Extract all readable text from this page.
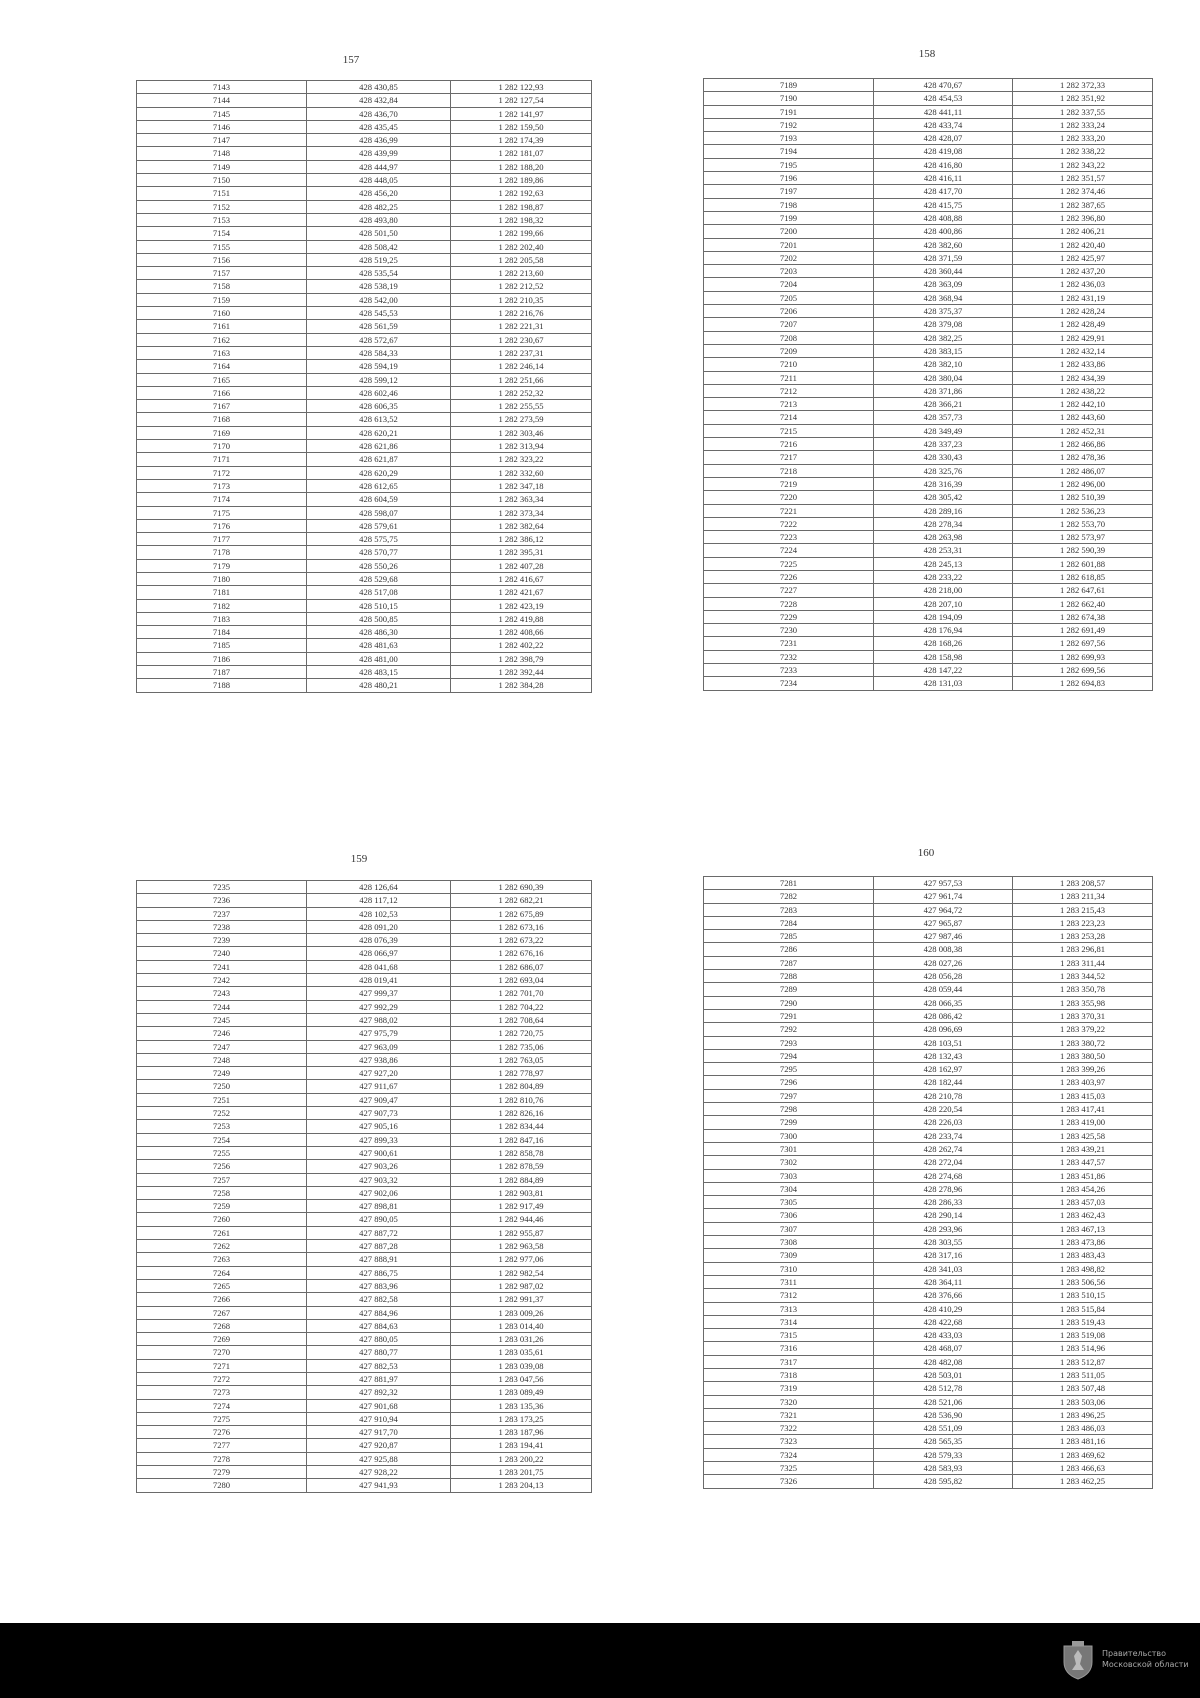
157
7143	428 430,85	1 282 122,93
7144	428 432,84	1 282 127,54
7145	428 436,70	1 282 141,97
7146	428 435,45	1 282 159,50
7147	428 436,99	1 282 174,39
7148	428 439,99	1 282 181,07
7149	428 444,97	1 282 188,20
7150	428 448,05	1 282 189,86
7151	428 456,20	1 282 192,63
7152	428 482,25	1 282 198,87
7153	428 493,80	1 282 198,32
7154	428 501,50	1 282 199,66
7155	428 508,42	1 282 202,40
7156	428 519,25	1 282 205,58
7157	428 535,54	1 282 213,60
7158	428 538,19	1 282 212,52
7159	428 542,00	1 282 210,35
7160	428 545,53	1 282 216,76
7161	428 561,59	1 282 221,31
7162	428 572,67	1 282 230,67
7163	428 584,33	1 282 237,31
7164	428 594,19	1 282 246,14
7165	428 599,12	1 282 251,66
7166	428 602,46	1 282 252,32
7167	428 606,35	1 282 255,55
7168	428 613,52	1 282 273,59
7169	428 620,21	1 282 303,46
7170	428 621,86	1 282 313,94
7171	428 621,87	1 282 323,22
7172	428 620,29	1 282 332,60
7173	428 612,65	1 282 347,18
7174	428 604,59	1 282 363,34
7175	428 598,07	1 282 373,34
7176	428 579,61	1 282 382,64
7177	428 575,75	1 282 386,12
7178	428 570,77	1 282 395,31
7179	428 550,26	1 282 407,28
7180	428 529,68	1 282 416,67
7181	428 517,08	1 282 421,67
7182	428 510,15	1 282 423,19
7183	428 500,85	1 282 419,88
7184	428 486,30	1 282 408,66
7185	428 481,63	1 282 402,22
7186	428 481,00	1 282 398,79
7187	428 483,15	1 282 392,44
7188	428 480,21	1 282 384,28
158
7189	428 470,67	1 282 372,33
7190	428 454,53	1 282 351,92
7191	428 441,11	1 282 337,55
7192	428 433,74	1 282 333,24
7193	428 428,07	1 282 333,20
7194	428 419,08	1 282 338,22
7195	428 416,80	1 282 343,22
7196	428 416,11	1 282 351,57
7197	428 417,70	1 282 374,46
7198	428 415,75	1 282 387,65
7199	428 408,88	1 282 396,80
7200	428 400,86	1 282 406,21
7201	428 382,60	1 282 420,40
7202	428 371,59	1 282 425,97
7203	428 360,44	1 282 437,20
7204	428 363,09	1 282 436,03
7205	428 368,94	1 282 431,19
7206	428 375,37	1 282 428,24
7207	428 379,08	1 282 428,49
7208	428 382,25	1 282 429,91
7209	428 383,15	1 282 432,14
7210	428 382,10	1 282 433,86
7211	428 380,04	1 282 434,39
7212	428 371,86	1 282 438,22
7213	428 366,21	1 282 442,10
7214	428 357,73	1 282 443,60
7215	428 349,49	1 282 452,31
7216	428 337,23	1 282 466,86
7217	428 330,43	1 282 478,36
7218	428 325,76	1 282 486,07
7219	428 316,39	1 282 496,00
7220	428 305,42	1 282 510,39
7221	428 289,16	1 282 536,23
7222	428 278,34	1 282 553,70
7223	428 263,98	1 282 573,97
7224	428 253,31	1 282 590,39
7225	428 245,13	1 282 601,88
7226	428 233,22	1 282 618,85
7227	428 218,00	1 282 647,61
7228	428 207,10	1 282 662,40
7229	428 194,09	1 282 674,38
7230	428 176,94	1 282 691,49
7231	428 168,26	1 282 697,56
7232	428 158,98	1 282 699,93
7233	428 147,22	1 282 699,56
7234	428 131,03	1 282 694,83
159
7235	428 126,64	1 282 690,39
7236	428 117,12	1 282 682,21
7237	428 102,53	1 282 675,89
7238	428 091,20	1 282 673,16
7239	428 076,39	1 282 673,22
7240	428 066,97	1 282 676,16
7241	428 041,68	1 282 686,07
7242	428 019,41	1 282 693,04
7243	427 999,37	1 282 701,70
7244	427 992,29	1 282 704,22
7245	427 988,02	1 282 708,64
7246	427 975,79	1 282 720,75
7247	427 963,09	1 282 735,06
7248	427 938,86	1 282 763,05
7249	427 927,20	1 282 778,97
7250	427 911,67	1 282 804,89
7251	427 909,47	1 282 810,76
7252	427 907,73	1 282 826,16
7253	427 905,16	1 282 834,44
7254	427 899,33	1 282 847,16
7255	427 900,61	1 282 858,78
7256	427 903,26	1 282 878,59
7257	427 903,32	1 282 884,89
7258	427 902,06	1 282 903,81
7259	427 898,81	1 282 917,49
7260	427 890,05	1 282 944,46
7261	427 887,72	1 282 955,87
7262	427 887,28	1 282 963,58
7263	427 888,91	1 282 977,06
7264	427 886,75	1 282 982,54
7265	427 883,96	1 282 987,02
7266	427 882,58	1 282 991,37
7267	427 884,96	1 283 009,26
7268	427 884,63	1 283 014,40
7269	427 880,05	1 283 031,26
7270	427 880,77	1 283 035,61
7271	427 882,53	1 283 039,08
7272	427 881,97	1 283 047,56
7273	427 892,32	1 283 089,49
7274	427 901,68	1 283 135,36
7275	427 910,94	1 283 173,25
7276	427 917,70	1 283 187,96
7277	427 920,87	1 283 194,41
7278	427 925,88	1 283 200,22
7279	427 928,22	1 283 201,75
7280	427 941,93	1 283 204,13
160
7281	427 957,53	1 283 208,57
7282	427 961,74	1 283 211,34
7283	427 964,72	1 283 215,43
7284	427 965,87	1 283 223,23
7285	427 987,46	1 283 253,28
7286	428 008,38	1 283 296,81
7287	428 027,26	1 283 311,44
7288	428 056,28	1 283 344,52
7289	428 059,44	1 283 350,78
7290	428 066,35	1 283 355,98
7291	428 086,42	1 283 370,31
7292	428 096,69	1 283 379,22
7293	428 103,51	1 283 380,72
7294	428 132,43	1 283 380,50
7295	428 162,97	1 283 399,26
7296	428 182,44	1 283 403,97
7297	428 210,78	1 283 415,03
7298	428 220,54	1 283 417,41
7299	428 226,03	1 283 419,00
7300	428 233,74	1 283 425,58
7301	428 262,74	1 283 439,21
7302	428 272,04	1 283 447,57
7303	428 274,68	1 283 451,86
7304	428 278,96	1 283 454,26
7305	428 286,33	1 283 457,03
7306	428 290,14	1 283 462,43
7307	428 293,96	1 283 467,13
7308	428 303,55	1 283 473,86
7309	428 317,16	1 283 483,43
7310	428 341,03	1 283 498,82
7311	428 364,11	1 283 506,56
7312	428 376,66	1 283 510,15
7313	428 410,29	1 283 515,84
7314	428 422,68	1 283 519,43
7315	428 433,03	1 283 519,08
7316	428 468,07	1 283 514,96
7317	428 482,08	1 283 512,87
7318	428 503,01	1 283 511,05
7319	428 512,78	1 283 507,48
7320	428 521,06	1 283 503,06
7321	428 536,90	1 283 496,25
7322	428 551,09	1 283 486,03
7323	428 565,35	1 283 481,16
7324	428 579,33	1 283 469,62
7325	428 583,93	1 283 466,63
7326	428 595,82	1 283 462,25
Правительство
Московской области
